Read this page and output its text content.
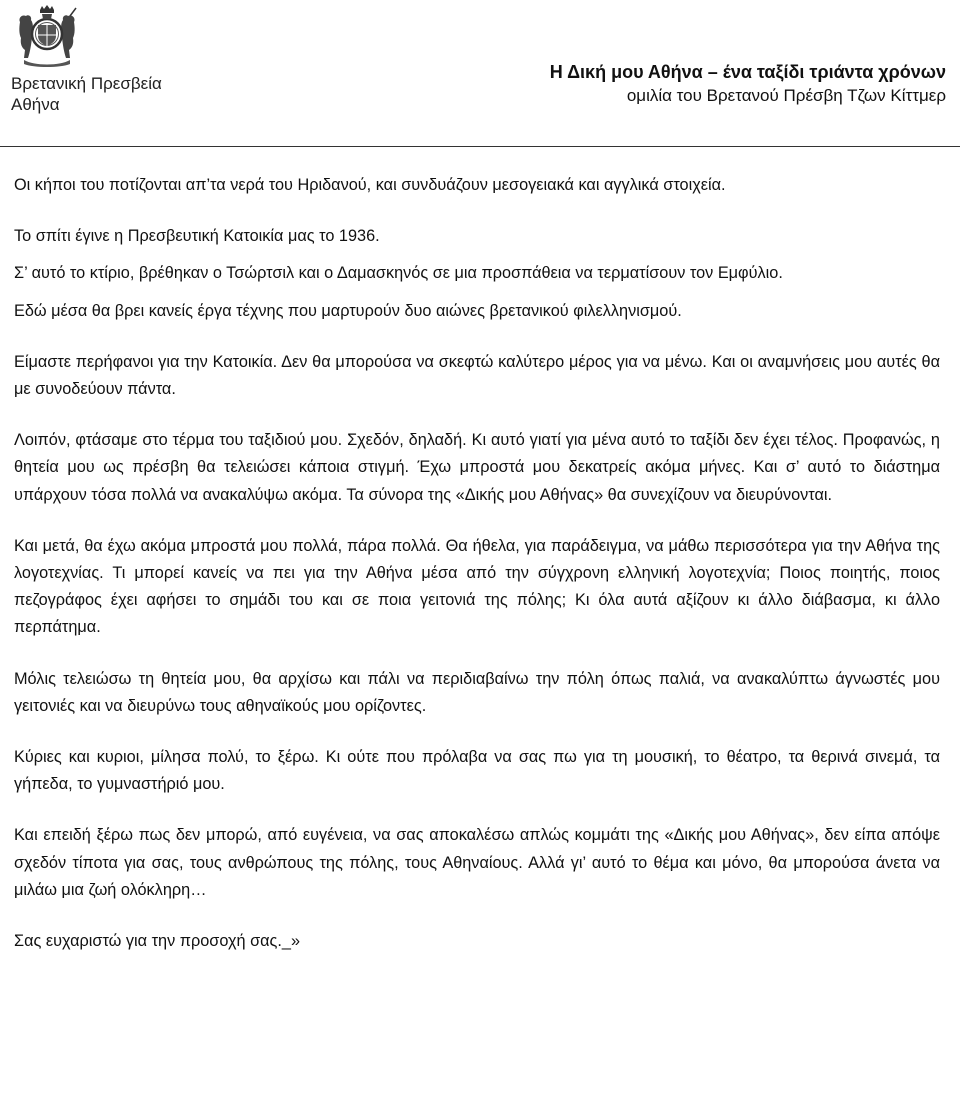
Βρετανική Πρεσβεία
Αθήνα
Η Δική μου Αθήνα – ένα ταξίδι τριάντα χρόνων
ομιλία του Βρετανού Πρέσβη Τζων Κίττμερ

Οι κήποι του ποτίζονται απ’τα νερά του Ηριδανού, και συνδυάζουν μεσογειακά και αγγλικά στοιχεία.

Το σπίτι έγινε η Πρεσβευτική Κατοικία μας το 1936.

Σ’ αυτό το κτίριο, βρέθηκαν ο Τσώρτσιλ και ο Δαμασκηνός σε μια προσπάθεια να τερματίσουν τον Εμφύλιο.

Εδώ μέσα θα βρει κανείς έργα τέχνης που μαρτυρούν δυο αιώνες βρετανικού φιλελληνισμού.

Είμαστε περήφανοι για την Κατοικία. Δεν θα μπορούσα να σκεφτώ καλύτερο μέρος για να μένω. Και οι αναμνήσεις μου αυτές θα με συνοδεύουν πάντα.

Λοιπόν, φτάσαμε στο τέρμα του ταξιδιού μου. Σχεδόν, δηλαδή. Κι αυτό γιατί για μένα αυτό το ταξίδι δεν έχει τέλος. Προφανώς, η θητεία μου ως πρέσβη θα τελειώσει κάποια στιγμή. Έχω μπροστά μου δεκατρείς ακόμα μήνες. Και σ’ αυτό το διάστημα υπάρχουν τόσα πολλά να ανακαλύψω ακόμα. Τα σύνορα της «Δικής μου Αθήνας» θα συνεχίζουν να διευρύνονται.

Και μετά, θα έχω ακόμα μπροστά μου πολλά, πάρα πολλά. Θα ήθελα, για παράδειγμα, να μάθω περισσότερα για την Αθήνα της λογοτεχνίας. Τι μπορεί κανείς να πει για την Αθήνα μέσα από την σύγχρονη ελληνική λογοτεχνία; Ποιος ποιητής, ποιος πεζογράφος έχει αφήσει το σημάδι του και σε ποια γειτονιά της πόλης; Κι όλα αυτά αξίζουν κι άλλο διάβασμα, κι άλλο περπάτημα.

Μόλις τελειώσω τη θητεία μου, θα αρχίσω και πάλι να περιδιαβαίνω την πόλη όπως παλιά, να ανακαλύπτω άγνωστές μου γειτονιές και να διευρύνω τους αθηναϊκούς μου ορίζοντες.

Κύριες και κυριοι, μίλησα πολύ, το ξέρω. Κι ούτε που πρόλαβα να σας πω για τη μουσική, το θέατρο, τα θερινά σινεμά, τα γήπεδα, το γυμναστήριό μου.

Και επειδή ξέρω πως δεν μπορώ, από ευγένεια, να σας αποκαλέσω απλώς κομμάτι της «Δικής μου Αθήνας», δεν είπα απόψε σχεδόν τίποτα για σας, τους ανθρώπους της πόλης, τους Αθηναίους. Αλλά γι’ αυτό το θέμα και μόνο, θα μπορούσα άνετα να μιλάω μια ζωή ολόκληρη…

Σας ευχαριστώ για την προσοχή σας._»
